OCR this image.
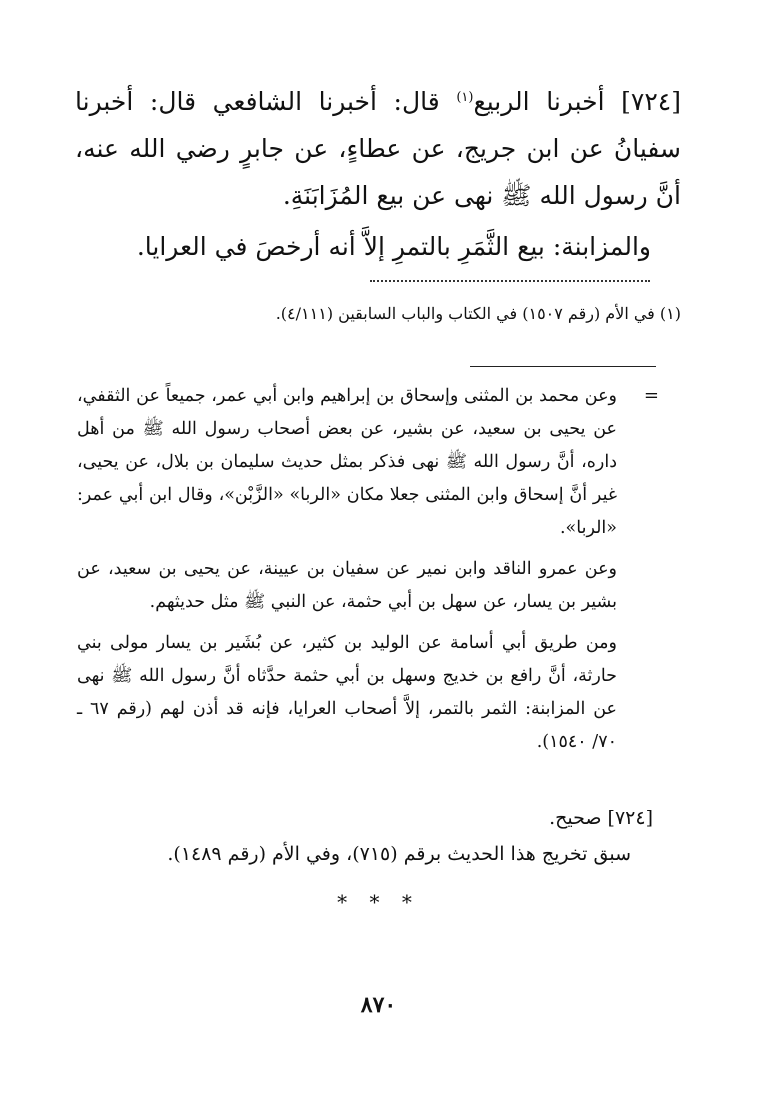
[٧٢٤] أخبرنا الربيع$^{(١)}$ قال: أخبرنا الشافعي قال: أخبرنا سفيانُ عن ابن جريج، عن عطاءٍ، عن جابرٍ رضي الله عنه، أنَّ رسول الله ﷺ نهى عن بيع المُزَابَنَةِ.

والمزابنة: بيع الثَّمَرِ بالتمرِ إلاَّ أنه أرخصَ في العرايا.

(١) في الأم (رقم ١٥٠٧) في الكتاب والباب السابقين (٤/١١١).

=

وعن محمد بن المثنى وإسحاق بن إبراهيم وابن أبي عمر، جميعاً عن الثقفي، عن يحيى بن سعيد، عن بشير، عن بعض أصحاب رسول الله ﷺ من أهل داره، أنَّ رسول الله ﷺ نهى فذكر بمثل حديث سليمان بن بلال، عن يحيى، غير أنَّ إسحاق وابن المثنى جعلا مكان «الربا» «الزَّبْن»، وقال ابن أبي عمر: «الربا».

وعن عمرو الناقد وابن نمير عن سفيان بن عيينة، عن يحيى بن سعيد، عن بشير بن يسار، عن سهل بن أبي حثمة، عن النبي ﷺ مثل حديثهم.

ومن طريق أبي أسامة عن الوليد بن كثير، عن بُشَير بن يسار مولى بني حارثة، أنَّ رافع بن خديج وسهل بن أبي حثمة حدَّثاه أنَّ رسول الله ﷺ نهى عن المزابنة: الثمر بالتمر، إلاَّ أصحاب العرايا، فإنه قد أذن لهم (رقم ٦٧ ـ ٧٠/ ١٥٤٠).

[٧٢٤] صحيح.

سبق تخريج هذا الحديث برقم (٧١٥)، وفي الأم (رقم ١٤٨٩).

* * *
٨٧٠
